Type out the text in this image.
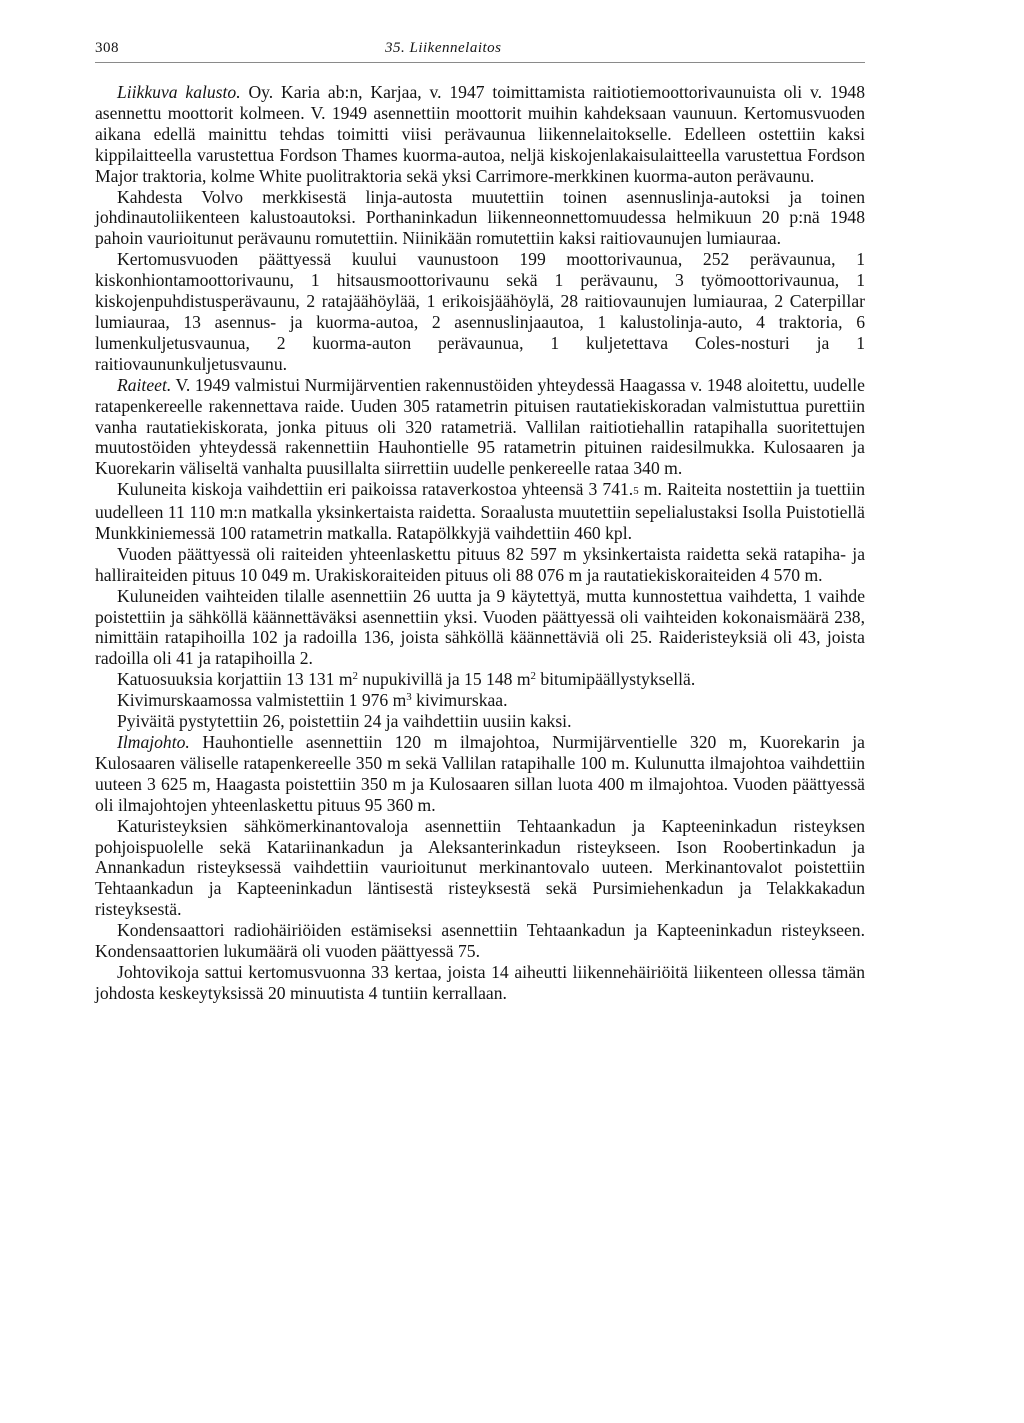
308	35. Liikennelaitos

Liikkuva kalusto. Oy. Karia ab:n, Karjaa, v. 1947 toimittamista raitiotiemoottorivaunuista oli v. 1948 asennettu moottorit kolmeen. V. 1949 asennettiin moottorit muihin kahdeksaan vaunuun. Kertomusvuoden aikana edellä mainittu tehdas toimitti viisi perävaunua liikennelaitokselle. Edelleen ostettiin kaksi kippilaitteella varustettua Fordson Thames kuorma-autoa, neljä kiskojenlakaisulaitteella varustettua Fordson Major traktoria, kolme White puolitraktoria sekä yksi Carrimore-merkkinen kuorma-auton perävaunu.

Kahdesta Volvo merkkisestä linja-autosta muutettiin toinen asennuslinja-autoksi ja toinen johdinautoliikenteen kalustoautoksi. Porthaninkadun liikenneonnettomuudessa helmikuun 20 p:nä 1948 pahoin vaurioitunut perävaunu romutettiin. Niinikään romutettiin kaksi raitiovaunujen lumiauraa.

Kertomusvuoden päättyessä kuului vaunustoon 199 moottorivaunua, 252 perävaunua, 1 kiskonhiontamoottorivaunu, 1 hitsausmoottorivaunu sekä 1 perävaunu, 3 työmoottorivaunua, 1 kiskojenpuhdistusperävaunu, 2 ratajäähöylää, 1 erikoisjäähöylä, 28 raitiovaunujen lumiauraa, 2 Caterpillar lumiauraa, 13 asennus- ja kuorma-autoa, 2 asennuslinjaautoa, 1 kalustolinja-auto, 4 traktoria, 6 lumenkuljetusvaunua, 2 kuorma-auton perävaunua, 1 kuljetettava Coles-nosturi ja 1 raitiovaununkuljetusvaunu.

Raiteet. V. 1949 valmistui Nurmijärventien rakennustöiden yhteydessä Haagassa v. 1948 aloitettu, uudelle ratapenkereelle rakennettava raide. Uuden 305 ratametrin pituisen rautatiekiskoradan valmistuttua purettiin vanha rautatiekiskorata, jonka pituus oli 320 ratametriä. Vallilan raitiotiehallin ratapihalla suoritettujen muutostöiden yhteydessä rakennettiin Hauhontielle 95 ratametrin pituinen raidesilmukka. Kulosaaren ja Kuorekarin väliseltä vanhalta puusillalta siirrettiin uudelle penkereelle rataa 340 m.

Kuluneita kiskoja vaihdettiin eri paikoissa rataverkostoa yhteensä 3 741.5 m. Raiteita nostettiin ja tuettiin uudelleen 11 110 m:n matkalla yksinkertaista raidetta. Soraalusta muutettiin sepelialustaksi Isolla Puistotiellä Munkkiniemessä 100 ratametrin matkalla. Ratapölkkyjä vaihdettiin 460 kpl.

Vuoden päättyessä oli raiteiden yhteenlaskettu pituus 82 597 m yksinkertaista raidetta sekä ratapiha- ja halliraiteiden pituus 10 049 m. Urakiskoraiteiden pituus oli 88 076 m ja rautatiekiskoraiteiden 4 570 m.

Kuluneiden vaihteiden tilalle asennettiin 26 uutta ja 9 käytettyä, mutta kunnostettua vaihdetta, 1 vaihde poistettiin ja sähköllä käännettäväksi asennettiin yksi. Vuoden päättyessä oli vaihteiden kokonaismäärä 238, nimittäin ratapihoilla 102 ja radoilla 136, joista sähköllä käännettäviä oli 25. Raideristeyksiä oli 43, joista radoilla oli 41 ja ratapihoilla 2.

Katuosuuksia korjattiin 13 131 $m^2$ nupukivillä ja 15 148 $m^2$ bitumipäällystyksellä.

Kivimurskaamossa valmistettiin 1 976 $m^3$ kivimurskaa.

Pyiväitä pystytettiin 26, poistettiin 24 ja vaihdettiin uusiin kaksi.

Ilmajohto. Hauhontielle asennettiin 120 m ilmajohtoa, Nurmijärventielle 320 m, Kuorekarin ja Kulosaaren väliselle ratapenkereelle 350 m sekä Vallilan ratapihalle 100 m. Kulunutta ilmajohtoa vaihdettiin uuteen 3 625 m, Haagasta poistettiin 350 m ja Kulosaaren sillan luota 400 m ilmajohtoa. Vuoden päättyessä oli ilmajohtojen yhteenlaskettu pituus 95 360 m.

Katuristeyksien sähkömerkinantovaloja asennettiin Tehtaankadun ja Kapteeninkadun risteyksen pohjoispuolelle sekä Katariinankadun ja Aleksanterinkadun risteykseen. Ison Roobertinkadun ja Annankadun risteyksessä vaihdettiin vaurioitunut merkinantovalo uuteen. Merkinantovalot poistettiin Tehtaankadun ja Kapteeninkadun läntisestä risteyksestä sekä Pursimiehenkadun ja Telakkakadun risteyksestä.

Kondensaattori radiohäiriöiden estämiseksi asennettiin Tehtaankadun ja Kapteeninkadun risteykseen. Kondensaattorien lukumäärä oli vuoden päättyessä 75.

Johtovikoja sattui kertomusvuonna 33 kertaa, joista 14 aiheutti liikennehäiriöitä liikenteen ollessa tämän johdosta keskeytyksissä 20 minuutista 4 tuntiin kerrallaan.
